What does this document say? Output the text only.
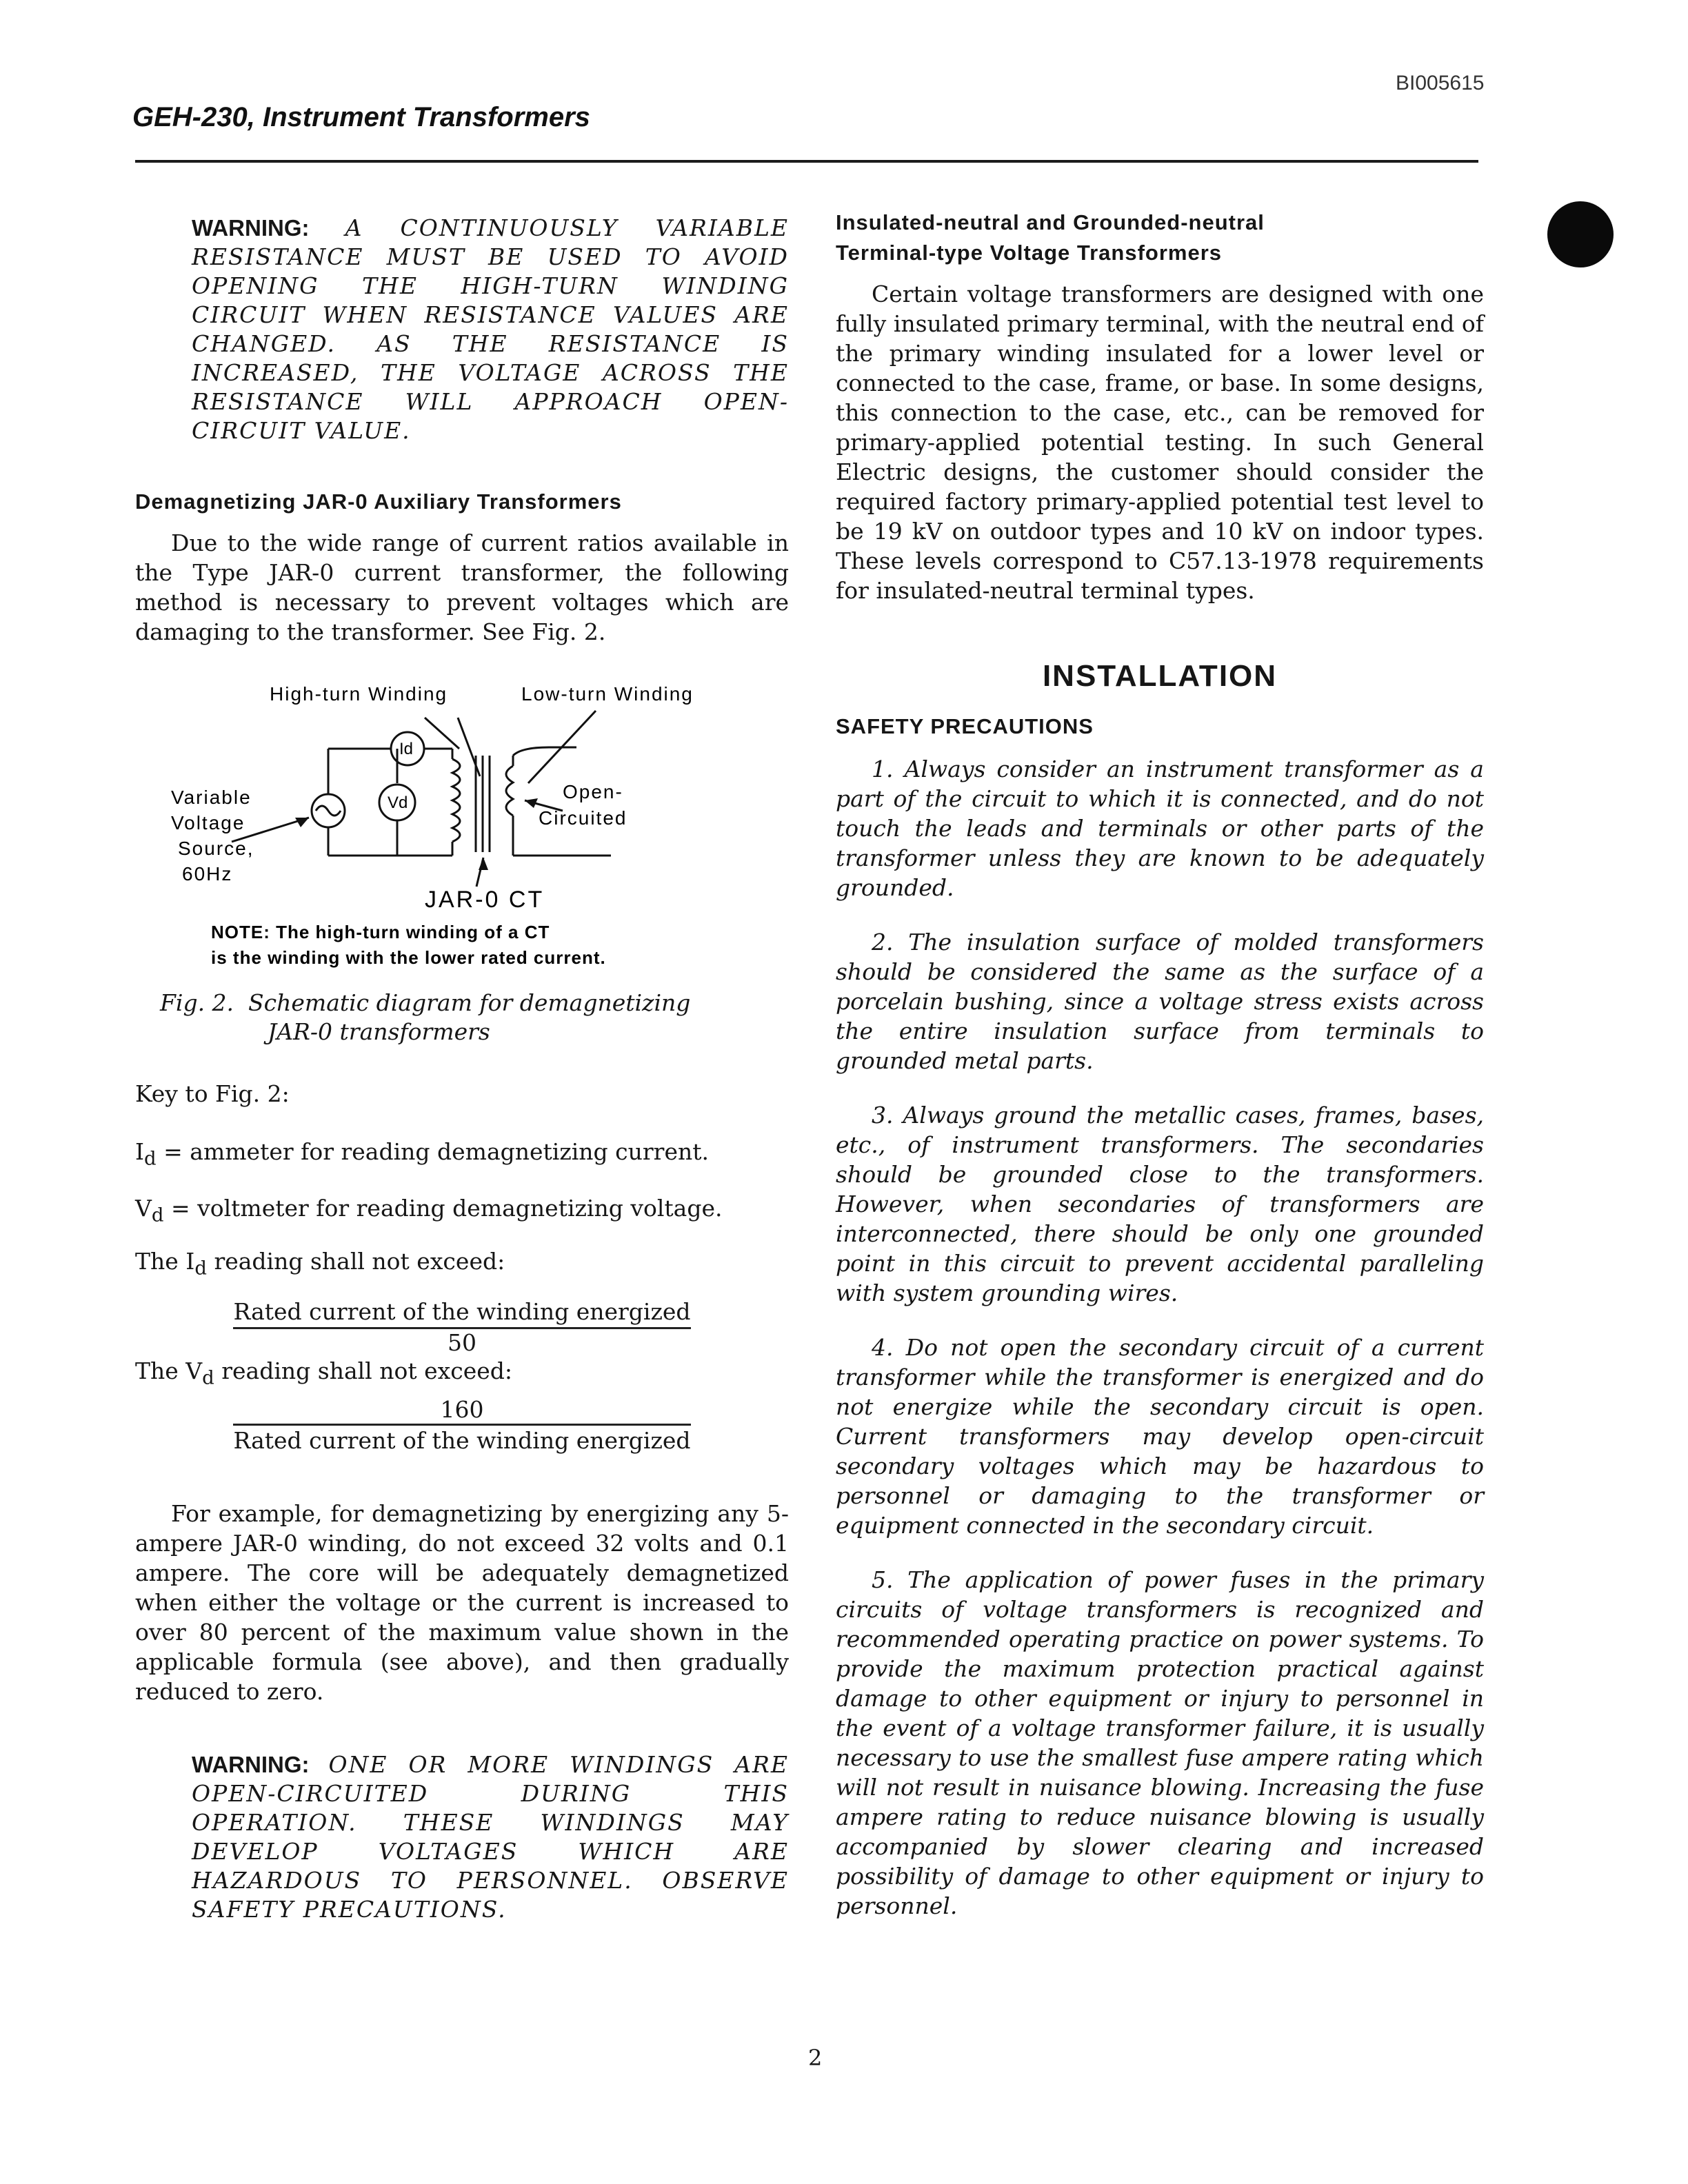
BI005615
GEH-230, Instrument Transformers

WARNING: A CONTINUOUSLY VARIABLE RESISTANCE MUST BE USED TO AVOID OPENING THE HIGH-TURN WINDING CIRCUIT WHEN RESISTANCE VALUES ARE CHANGED. AS THE RESISTANCE IS INCREASED, THE VOLTAGE ACROSS THE RESISTANCE WILL APPROACH OPEN-CIRCUIT VALUE.

Demagnetizing JAR-0 Auxiliary Transformers

Due to the wide range of current ratios available in the Type JAR-0 current transformer, the following method is necessary to prevent voltages which are damaging to the transformer. See Fig. 2.

High-turn Winding	Low-turn Winding
Variable
Voltage
Source,
60Hz
Open-
Circuited
Id
Vd
JAR-0 CT
NOTE: The high-turn winding of a CT
is the winding with the lower rated current.
Fig. 2. Schematic diagram for demagnetizing
JAR-0 transformers

Key to Fig. 2:

$I_d$ = ammeter for reading demagnetizing current.

$V_d$ = voltmeter for reading demagnetizing voltage.

The $I_d$ reading shall not exceed:

Rated current of the winding energized
50

The $V_d$ reading shall not exceed:

160
Rated current of the winding energized

For example, for demagnetizing by energizing any 5-ampere JAR-0 winding, do not exceed 32 volts and 0.1 ampere. The core will be adequately demagnetized when either the voltage or the current is increased to over 80 percent of the maximum value shown in the applicable formula (see above), and then gradually reduced to zero.

WARNING: ONE OR MORE WINDINGS ARE OPEN-CIRCUITED DURING THIS OPERATION. THESE WINDINGS MAY DEVELOP VOLTAGES WHICH ARE HAZARDOUS TO PERSONNEL. OBSERVE SAFETY PRECAUTIONS.

Insulated-neutral and Grounded-neutral

Terminal-type Voltage Transformers

Certain voltage transformers are designed with one fully insulated primary terminal, with the neutral end of the primary winding insulated for a lower level or connected to the case, frame, or base. In some designs, this connection to the case, etc., can be removed for primary-applied potential testing. In such General Electric designs, the customer should consider the required factory primary-applied potential test level to be 19 kV on outdoor types and 10 kV on indoor types. These levels correspond to C57.13-1978 requirements for insulated-neutral terminal types.

INSTALLATION

SAFETY PRECAUTIONS

1. Always consider an instrument transformer as a part of the circuit to which it is connected, and do not touch the leads and terminals or other parts of the transformer unless they are known to be adequately grounded.

2. The insulation surface of molded transformers should be considered the same as the surface of a porcelain bushing, since a voltage stress exists across the entire insulation surface from terminals to grounded metal parts.

3. Always ground the metallic cases, frames, bases, etc., of instrument transformers. The secondaries should be grounded close to the transformers. However, when secondaries of transformers are interconnected, there should be only one grounded point in this circuit to prevent accidental paralleling with system grounding wires.

4. Do not open the secondary circuit of a current transformer while the transformer is energized and do not energize while the secondary circuit is open. Current transformers may develop open-circuit secondary voltages which may be hazardous to personnel or damaging to the transformer or equipment connected in the secondary circuit.

5. The application of power fuses in the primary circuits of voltage transformers is recognized and recommended operating practice on power systems. To provide the maximum protection practical against damage to other equipment or injury to personnel in the event of a voltage transformer failure, it is usually necessary to use the smallest fuse ampere rating which will not result in nuisance blowing. Increasing the fuse ampere rating to reduce nuisance blowing is usually accompanied by slower clearing and increased possibility of damage to other equipment or injury to personnel.

2
